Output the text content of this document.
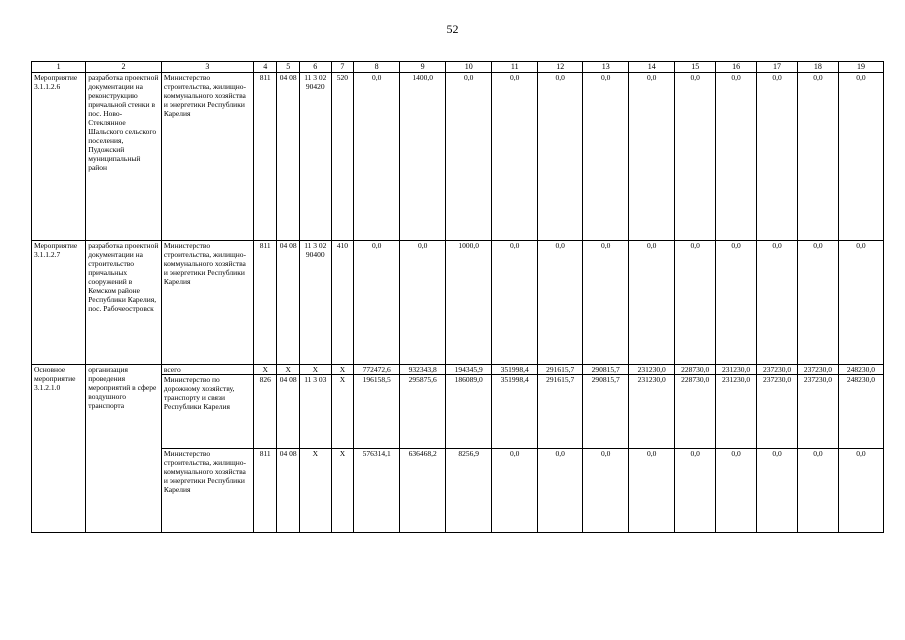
52
1	2	3	4	5	6	7	8	9	10	11	12	13	14	15	16	17	18	19
Мероприятие 3.1.1.2.6	разработка проектной документации на реконструкцию причальной стенки в пос. Ново-Стеклянное Шальского сельского поселения, Пудожский муниципальный район	Министерство строительства, жилищно-коммунального хозяйства и энергетики Республики Карелия	811	04 08	11 3 02 90420	520	0,0	1400,0	0,0	0,0	0,0	0,0	0,0	0,0	0,0	0,0	0,0	0,0
Мероприятие 3.1.1.2.7	разработка проектной документации на строительство причальных сооружений в Кемском районе Республики Карелия, пос. Рабочеостровск	Министерство строительства, жилищно-коммунального хозяйства и энергетики Республики Карелия	811	04 08	11 3 02 90400	410	0,0	0,0	1000,0	0,0	0,0	0,0	0,0	0,0	0,0	0,0	0,0	0,0
Основное мероприятие 3.1.2.1.0	организация проведения мероприятий в сфере воздушного транспорта	всего	X	X	X	X	772472,6	932343,8	194345,9	351998,4	291615,7	290815,7	231230,0	228730,0	231230,0	237230,0	237230,0	248230,0
		Министерство по дорожному хозяйству, транспорту и связи Республики Карелия	826	04 08	11 3 03	X	196158,5	295875,6	186089,0	351998,4	291615,7	290815,7	231230,0	228730,0	231230,0	237230,0	237230,0	248230,0
		Министерство строительства, жилищно-коммунального хозяйства и энергетики Республики Карелия	811	04 08	X	X	576314,1	636468,2	8256,9	0,0	0,0	0,0	0,0	0,0	0,0	0,0	0,0	0,0
